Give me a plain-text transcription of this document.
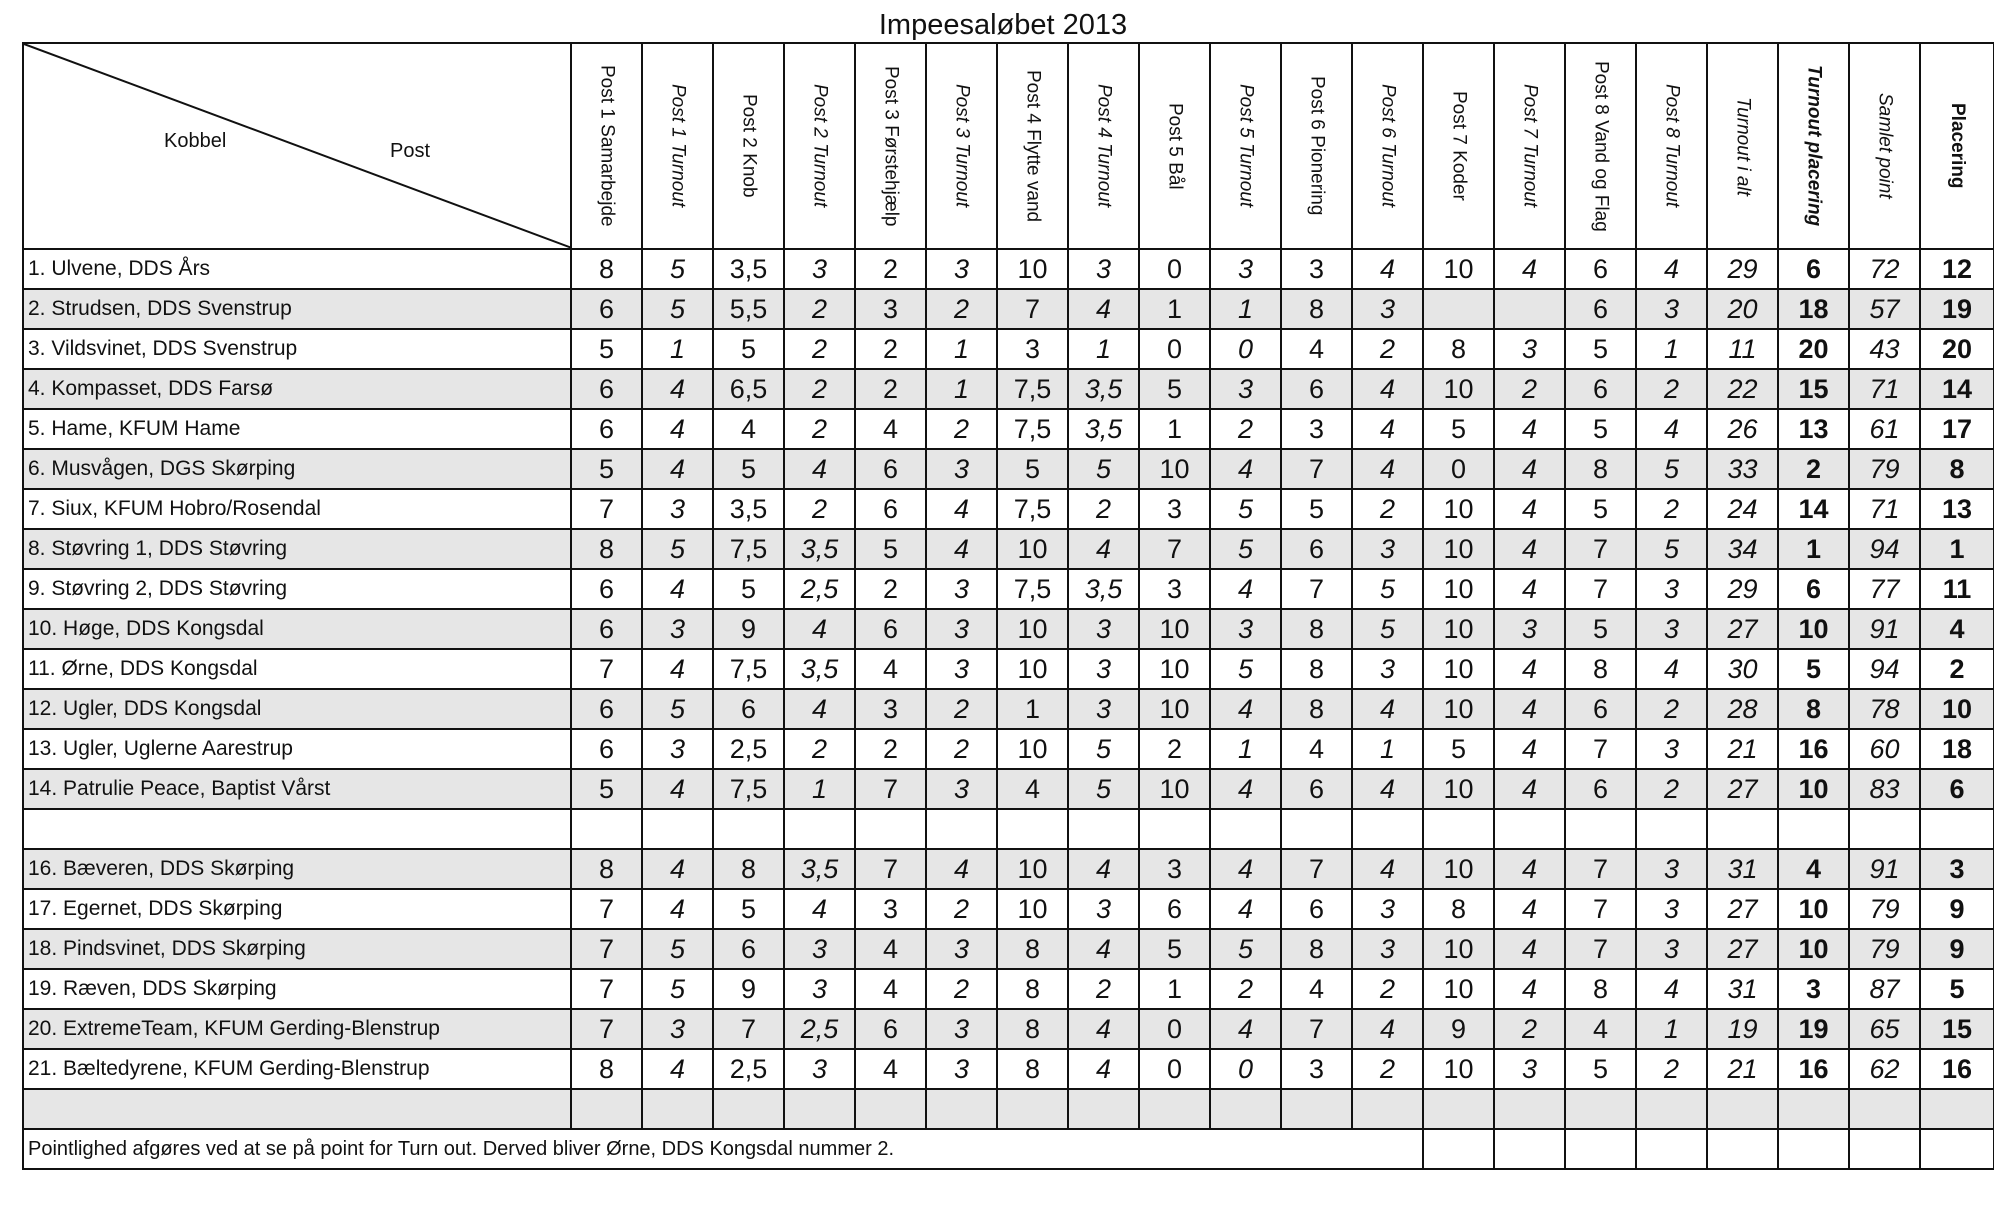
Impeesaløbet 2013
Kobbel Post	Post 1 Samarbejde	Post 1 Turnout	Post 2 Knob	Post 2 Turnout	Post 3 Førstehjælp	Post 3 Turnout	Post 4 Flytte vand	Post 4 Turnout	Post 5 Bål	Post 5 Turnout	Post 6 Pionering	Post 6 Turnout	Post 7 Koder	Post 7 Turnout	Post 8 Vand og Flag	Post 8 Turnout	Turnout i alt	Turnout placering	Samlet point	Placering

1. Ulvene, DDS Års	8	5	3,5	3	2	3	10	3	0	3	3	4	10	4	6	4	29	6	72	12
2. Strudsen, DDS Svenstrup	6	5	5,5	2	3	2	7	4	1	1	8	3			6	3	20	18	57	19
3. Vildsvinet, DDS Svenstrup	5	1	5	2	2	1	3	1	0	0	4	2	8	3	5	1	11	20	43	20
4. Kompasset, DDS Farsø	6	4	6,5	2	2	1	7,5	3,5	5	3	6	4	10	2	6	2	22	15	71	14
5. Hame, KFUM Hame	6	4	4	2	4	2	7,5	3,5	1	2	3	4	5	4	5	4	26	13	61	17
6. Musvågen, DGS Skørping	5	4	5	4	6	3	5	5	10	4	7	4	0	4	8	5	33	2	79	8
7. Siux, KFUM Hobro/Rosendal	7	3	3,5	2	6	4	7,5	2	3	5	5	2	10	4	5	2	24	14	71	13
8. Støvring 1, DDS Støvring	8	5	7,5	3,5	5	4	10	4	7	5	6	3	10	4	7	5	34	1	94	1
9. Støvring 2, DDS Støvring	6	4	5	2,5	2	3	7,5	3,5	3	4	7	5	10	4	7	3	29	6	77	11
10. Høge, DDS Kongsdal	6	3	9	4	6	3	10	3	10	3	8	5	10	3	5	3	27	10	91	4
11. Ørne, DDS Kongsdal	7	4	7,5	3,5	4	3	10	3	10	5	8	3	10	4	8	4	30	5	94	2
12. Ugler, DDS Kongsdal	6	5	6	4	3	2	1	3	10	4	8	4	10	4	6	2	28	8	78	10
13. Ugler, Uglerne Aarestrup	6	3	2,5	2	2	2	10	5	2	1	4	1	5	4	7	3	21	16	60	18
14. Patrulie Peace, Baptist Vårst	5	4	7,5	1	7	3	4	5	10	4	6	4	10	4	6	2	27	10	83	6

16. Bæveren, DDS Skørping	8	4	8	3,5	7	4	10	4	3	4	7	4	10	4	7	3	31	4	91	3
17. Egernet, DDS Skørping	7	4	5	4	3	2	10	3	6	4	6	3	8	4	7	3	27	10	79	9
18. Pindsvinet, DDS Skørping	7	5	6	3	4	3	8	4	5	5	8	3	10	4	7	3	27	10	79	9
19. Ræven, DDS Skørping	7	5	9	3	4	2	8	2	1	2	4	2	10	4	8	4	31	3	87	5
20. ExtremeTeam, KFUM Gerding-Blenstrup	7	3	7	2,5	6	3	8	4	0	4	7	4	9	2	4	1	19	19	65	15
21. Bæltedyrene, KFUM Gerding-Blenstrup	8	4	2,5	3	4	3	8	4	0	0	3	2	10	3	5	2	21	16	62	16

Pointlighed afgøres ved at se på point for Turn out. Derved bliver Ørne, DDS Kongsdal nummer 2.																				
